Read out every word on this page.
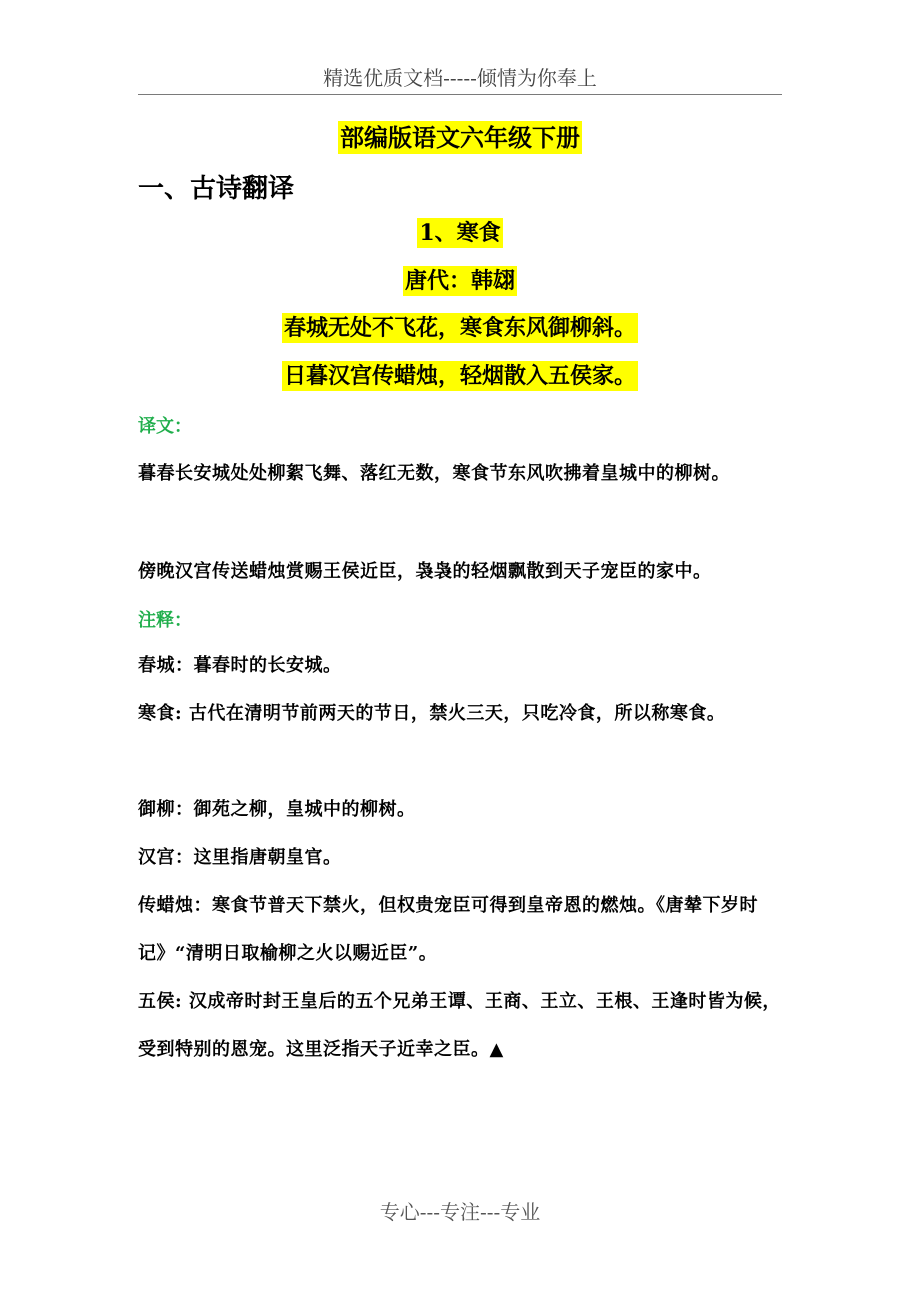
精选优质文档-----倾情为你奉上
部编版语文六年级下册
一、古诗翻译
1、寒食
唐代：韩翃
春城无处不飞花，寒食东风御柳斜。
日暮汉宫传蜡烛，轻烟散入五侯家。
译文：
暮春长安城处处柳絮飞舞、落红无数，寒食节东风吹拂着皇城中的柳树。
傍晚汉宫传送蜡烛赏赐王侯近臣，袅袅的轻烟飘散到天子宠臣的家中。
注释：
春城：暮春时的长安城。
寒食: 古代在清明节前两天的节日，禁火三天，只吃冷食，所以称寒食。
御柳：御苑之柳，皇城中的柳树。
汉宫：这里指唐朝皇官。
传蜡烛：寒食节普天下禁火，但权贵宠臣可得到皇帝恩的燃烛。《唐辇下岁时记》“清明日取榆柳之火以赐近臣”。
五侯: 汉成帝时封王皇后的五个兄弟王谭、王商、王立、王根、王逢时皆为候，受到特别的恩宠。这里泛指天子近幸之臣。▲
专心---专注---专业
